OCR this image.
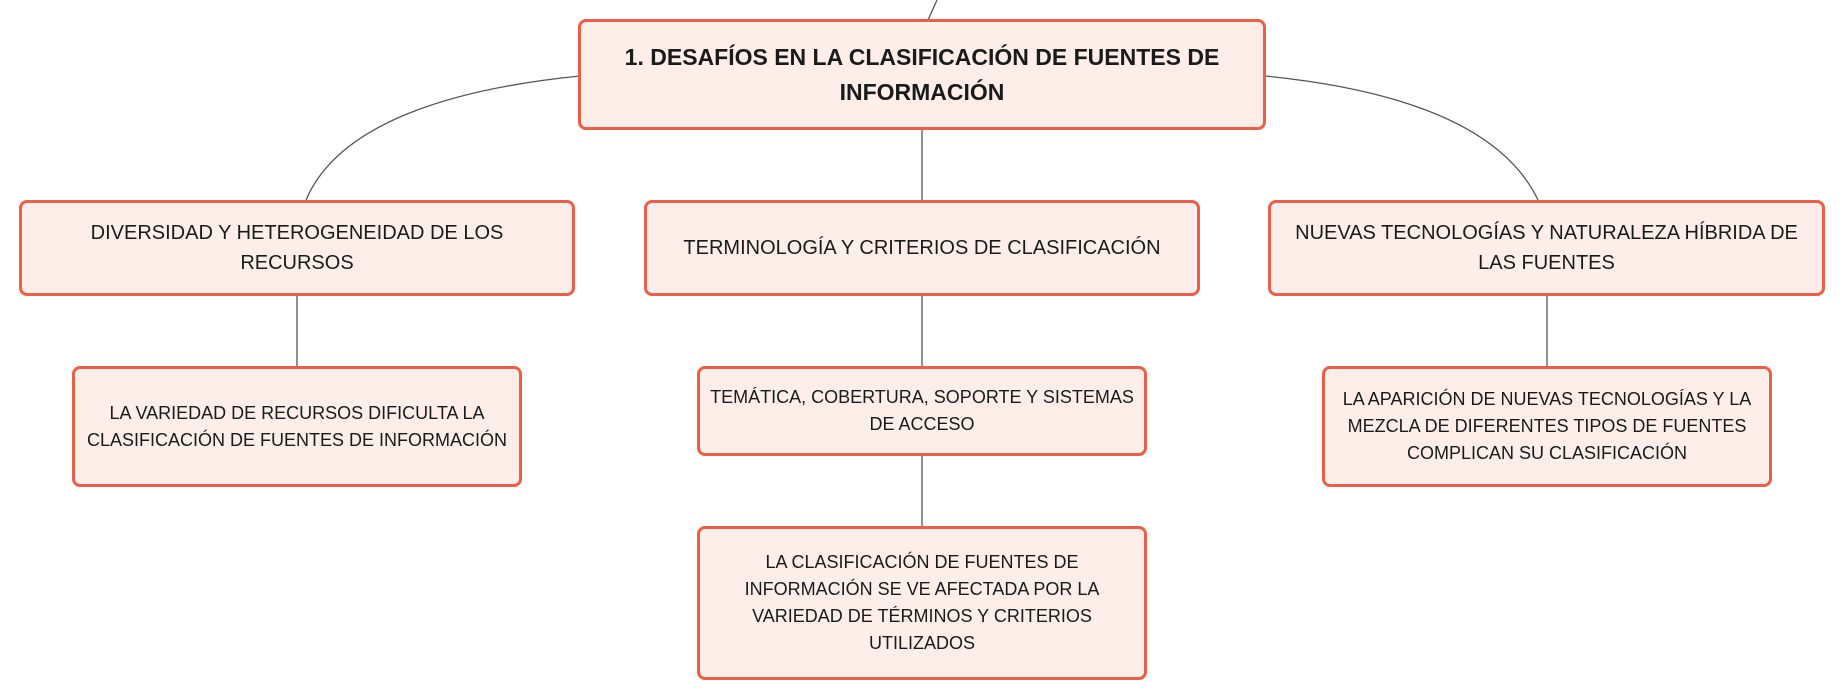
1. DESAFÍOS EN LA CLASIFICACIÓN DE FUENTES DE INFORMACIÓN
DIVERSIDAD Y HETEROGENEIDAD DE LOS RECURSOS
TERMINOLOGÍA Y CRITERIOS DE CLASIFICACIÓN
NUEVAS TECNOLOGÍAS Y NATURALEZA HÍBRIDA DE LAS FUENTES
LA VARIEDAD DE RECURSOS DIFICULTA LA CLASIFICACIÓN DE FUENTES DE INFORMACIÓN
TEMÁTICA, COBERTURA, SOPORTE Y SISTEMAS DE ACCESO
LA CLASIFICACIÓN DE FUENTES DE INFORMACIÓN SE VE AFECTADA POR LA VARIEDAD DE TÉRMINOS Y CRITERIOS UTILIZADOS
LA APARICIÓN DE NUEVAS TECNOLOGÍAS Y LA MEZCLA DE DIFERENTES TIPOS DE FUENTES COMPLICAN SU CLASIFICACIÓN
